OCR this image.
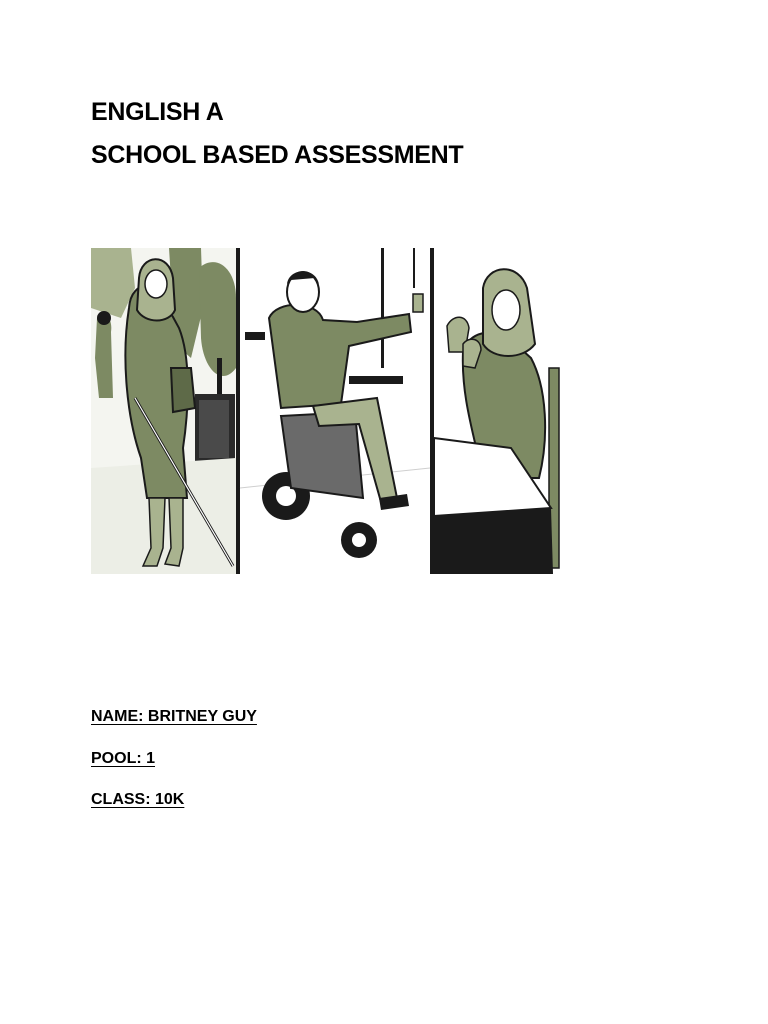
ENGLISH A
SCHOOL BASED ASSESSMENT
NAME: BRITNEY GUY
POOL: 1
CLASS: 10K
